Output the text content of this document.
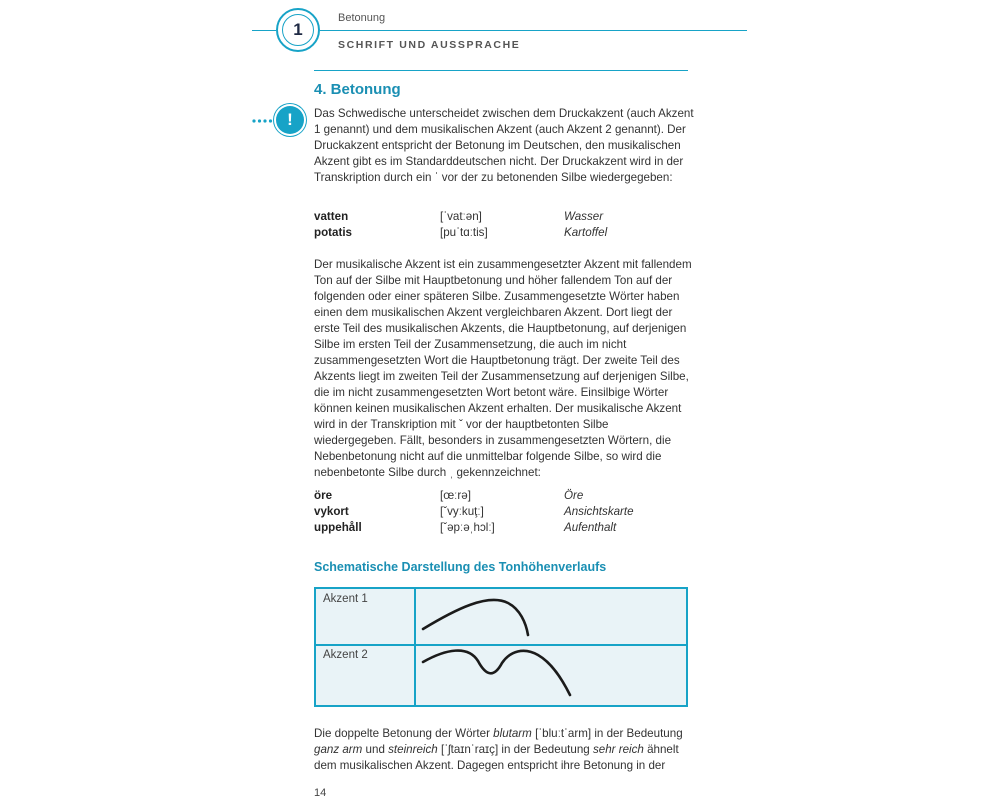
1
Betonung
SCHRIFT UND AUSSPRACHE
4. Betonung
!	Das Schwedische unterscheidet zwischen dem Druckakzent (auch Akzent 1 genannt) und dem musikalischen Akzent (auch Akzent 2 genannt). Der Druckakzent entspricht der Betonung im Deutschen, den musikalischen Akzent gibt es im Standarddeutschen nicht. Der Druckakzent wird in der Transkription durch ein ˈ vor der zu betonenden Silbe wiedergegeben:

vatten	[ˈvatːən]	Wasser
potatis	[puˈtɑːtis]	Kartoffel

Der musikalische Akzent ist ein zusammengesetzter Akzent mit fallendem Ton auf der Silbe mit Hauptbetonung und höher fallendem Ton auf der folgenden oder einer späteren Silbe. Zusammengesetzte Wörter haben einen dem musikalischen Akzent vergleichbaren Akzent. Dort liegt der erste Teil des musikalischen Akzents, die Hauptbetonung, auf derjenigen Silbe im ersten Teil der Zusammensetzung, die auch im nicht zusammengesetzten Wort die Hauptbetonung trägt. Der zweite Teil des Akzents liegt im zweiten Teil der Zusammensetzung auf derjenigen Silbe, die im nicht zusammengesetzten Wort betont wäre. Einsilbige Wörter können keinen musikalischen Akzent erhalten. Der musikalische Akzent wird in der Transkription mit ˇ vor der hauptbetonten Silbe wiedergegeben. Fällt, besonders in zusammengesetzten Wörtern, die Nebenbetonung nicht auf die unmittelbar folgende Silbe, so wird die nebenbetonte Silbe durch ˌ gekennzeichnet:

öre	[œːrə]	Öre
vykort	[ˇvyːkuţː]	Ansichtskarte
uppehåll	[ˇəpːəˌhɔlː]	Aufenthalt
Schematische Darstellung des Tonhöhenverlaufs
Akzent 1
Akzent 2

Die doppelte Betonung der Wörter blutarm [ˈbluːtˈarm] in der Bedeutung ganz arm und steinreich [ˈʃtaɪnˈraɪç] in der Bedeutung sehr reich ähnelt dem musikalischen Akzent. Dagegen entspricht ihre Betonung in der

14
